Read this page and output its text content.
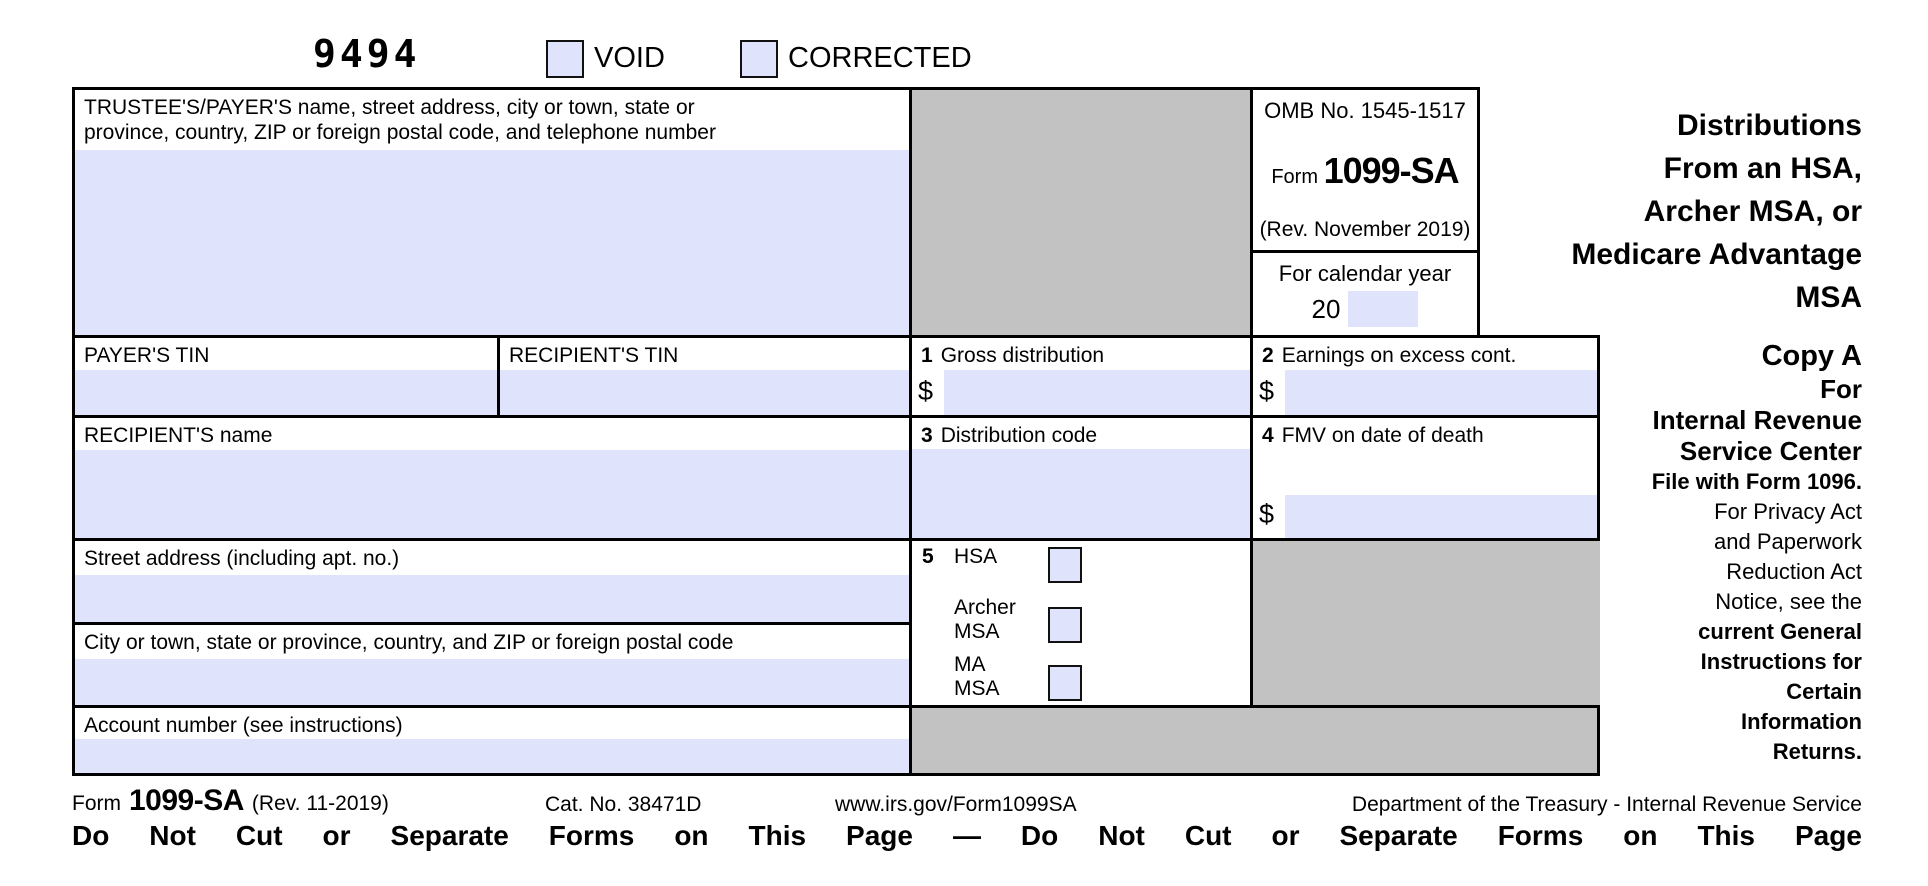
9494	VOID	CORRECTED
TRUSTEE'S/PAYER'S name, street address, city or town, state or province, country, ZIP or foreign postal code, and telephone number
OMB No. 1545-1517
Form 1099-SA
(Rev. November 2019)
For calendar year
20
PAYER'S TIN	RECIPIENT'S TIN	1 Gross distribution
$
2 Earnings on excess cont.
$
RECIPIENT'S name	3 Distribution code	4 FMV on date of death
$
Street address (including apt. no.)
City or town, state or province, country, and ZIP or foreign postal code
5 HSA
Archer
MSA
MA
MSA
Account number (see instructions)
Distributions
From an HSA,
Archer MSA, or
Medicare Advantage
MSA
Copy A
For
Internal Revenue
Service Center
File with Form 1096.
For Privacy Act
and Paperwork
Reduction Act
Notice, see the
current General
Instructions for
Certain
Information
Returns.
Form 1099-SA (Rev. 11-2019)	Cat. No. 38471D	www.irs.gov/Form1099SA	Department of the Treasury - Internal Revenue Service
Do Not Cut or Separate Forms on This Page — Do Not Cut or Separate Forms on This Page
